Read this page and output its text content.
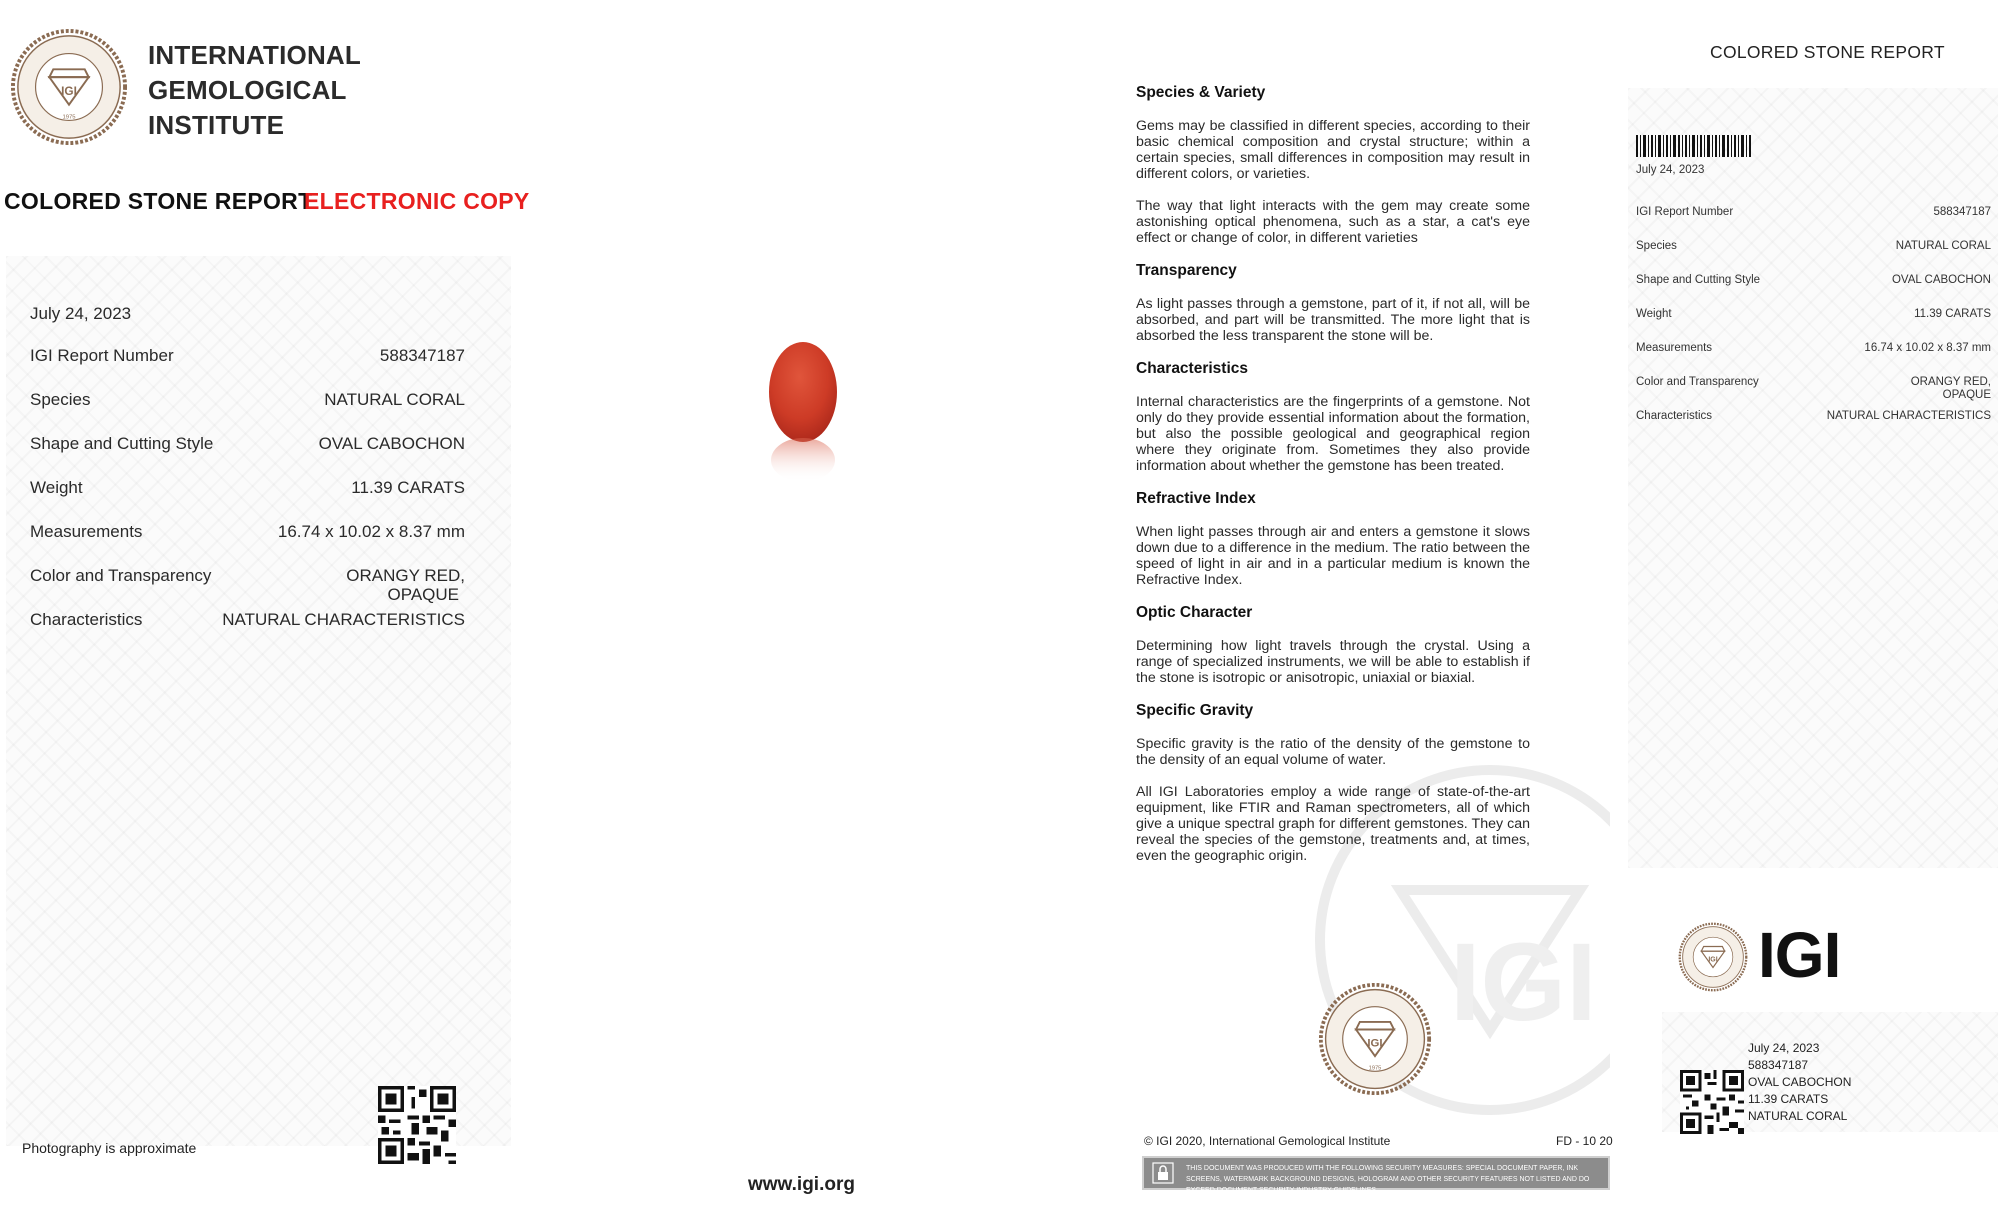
IGI
1975
INTERNATIONAL
GEMOLOGICAL
INSTITUTE
COLORED STONE REPORT
ELECTRONIC COPY
July 24, 2023
IGI Report Number	588347187
Species	NATURAL CORAL
Shape and Cutting Style	OVAL CABOCHON
Weight	11.39 CARATS
Measurements	16.74 x 10.02 x 8.37 mm
Color and Transparency	ORANGY RED,
OPAQUE
Characteristics	NATURAL CHARACTERISTICS
Photography is approximate
www.igi.org
IGI
Species & Variety

Gems may be classified in different species, according to their basic chemical composition and crystal structure; within a certain species, small differences in composition may result in different colors, or varieties.

The way that light interacts with the gem may create some astonishing optical phenomena, such as a star, a cat's eye effect or change of color, in different varieties

Transparency

As light passes through a gemstone, part of it, if not all, will be absorbed, and part will be transmitted. The more light that is absorbed the less transparent the stone will be.

Characteristics

Internal characteristics are the fingerprints of a gemstone. Not only do they provide essential information about the formation, but also the possible geological and geographical region where they originate from. Sometimes they also provide information about whether the gemstone has been treated.

Refractive Index

When light passes through air and enters a gemstone it slows down due to a difference in the medium. The ratio between the speed of light in air and in a particular medium is known the Refractive Index.

Optic Character

Determining how light travels through the crystal. Using a range of specialized instruments, we will be able to establish if the stone is isotropic or anisotropic, uniaxial or biaxial.

Specific Gravity

Specific gravity is the ratio of the density of the gemstone to the density of an equal volume of water.

All IGI Laboratories employ a wide range of state-of-the-art equipment, like FTIR and Raman spectrometers, all of which give a unique spectral graph for different gemstones. They can reveal the species of the gemstone, treatments and, at times, even the geographic origin.

IGI
1975
© IGI 2020, International Gemological Institute	FD - 10 20
THIS DOCUMENT WAS PRODUCED WITH THE FOLLOWING SECURITY MEASURES: SPECIAL DOCUMENT PAPER, INK SCREENS, WATERMARK BACKGROUND DESIGNS, HOLOGRAM AND OTHER SECURITY FEATURES NOT LISTED AND DO EXCEED DOCUMENT SECURITY INDUSTRY GUIDELINES.
COLORED STONE REPORT
July 24, 2023
IGI Report Number	588347187
Species	NATURAL CORAL
Shape and Cutting Style	OVAL CABOCHON
Weight	11.39 CARATS
Measurements	16.74 x 10.02 x 8.37 mm
Color and Transparency	ORANGY RED,
OPAQUE
Characteristics	NATURAL CHARACTERISTICS
IGI IGI
July 24, 2023
588347187
OVAL CABOCHON
11.39 CARATS
NATURAL CORAL
